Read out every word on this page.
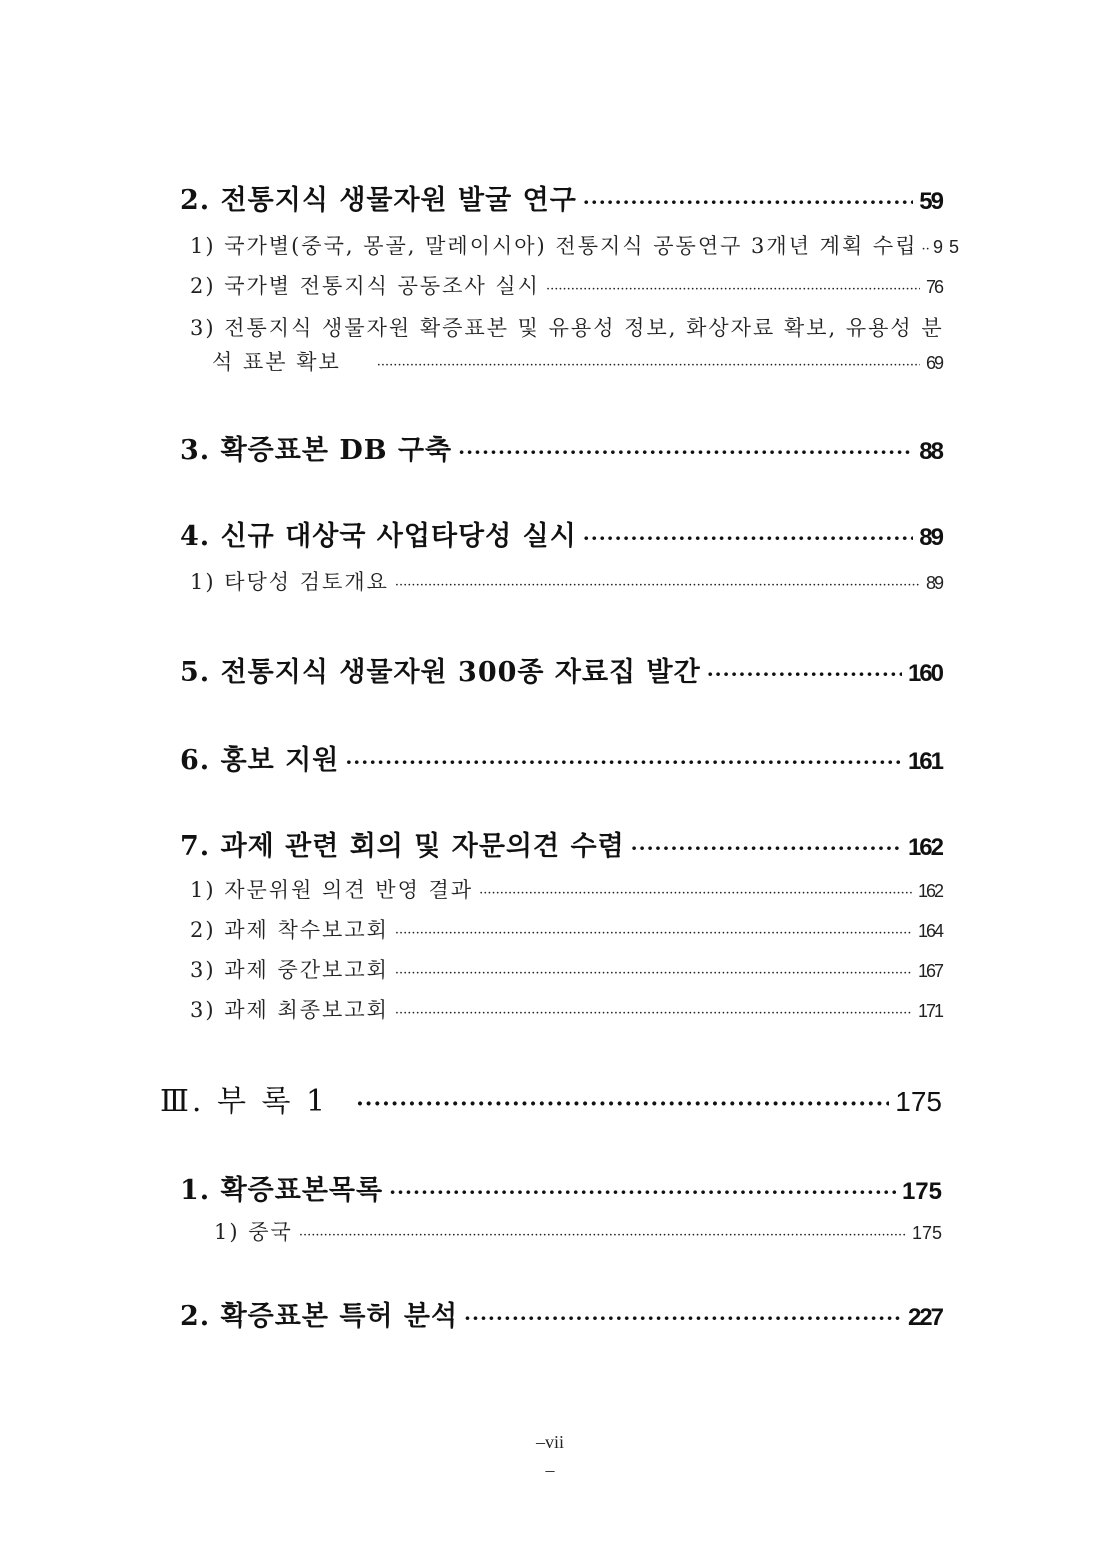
2. 전통지식 생물자원 발굴 연구 ·····	59
1) 국가별(중국, 몽골, 말레이시아) 전통지식 공동연구 3개년 계획 수립 ····· 95
2) 국가별 전통지식 공동조사 실시 ·····	76
3) 전통지식 생물자원 확증표본 및 유용성 정보, 화상자료 확보, 유용성 분
석 표본 확보 ·····	69
3. 확증표본 DB 구축 ·····	88
4. 신규 대상국 사업타당성 실시 ·····	89
1) 타당성 검토개요 ·····	89
5. 전통지식 생물자원 300종 자료집 발간 ·····	160
6. 홍보 지원 ·····	161
7. 과제 관련 회의 및 자문의견 수렴 ·····	162
1) 자문위원 의견 반영 결과 ·····	162
2) 과제 착수보고회 ·····	164
3) 과제 중간보고회 ·····	167
3) 과제 최종보고회 ·····	171
Ⅲ. 부 록 1 ·····	175
1. 확증표본목록 ·····	175
1) 중국 ·····	175
2. 확증표본 특허 분석 ·····	227
–vii
–
